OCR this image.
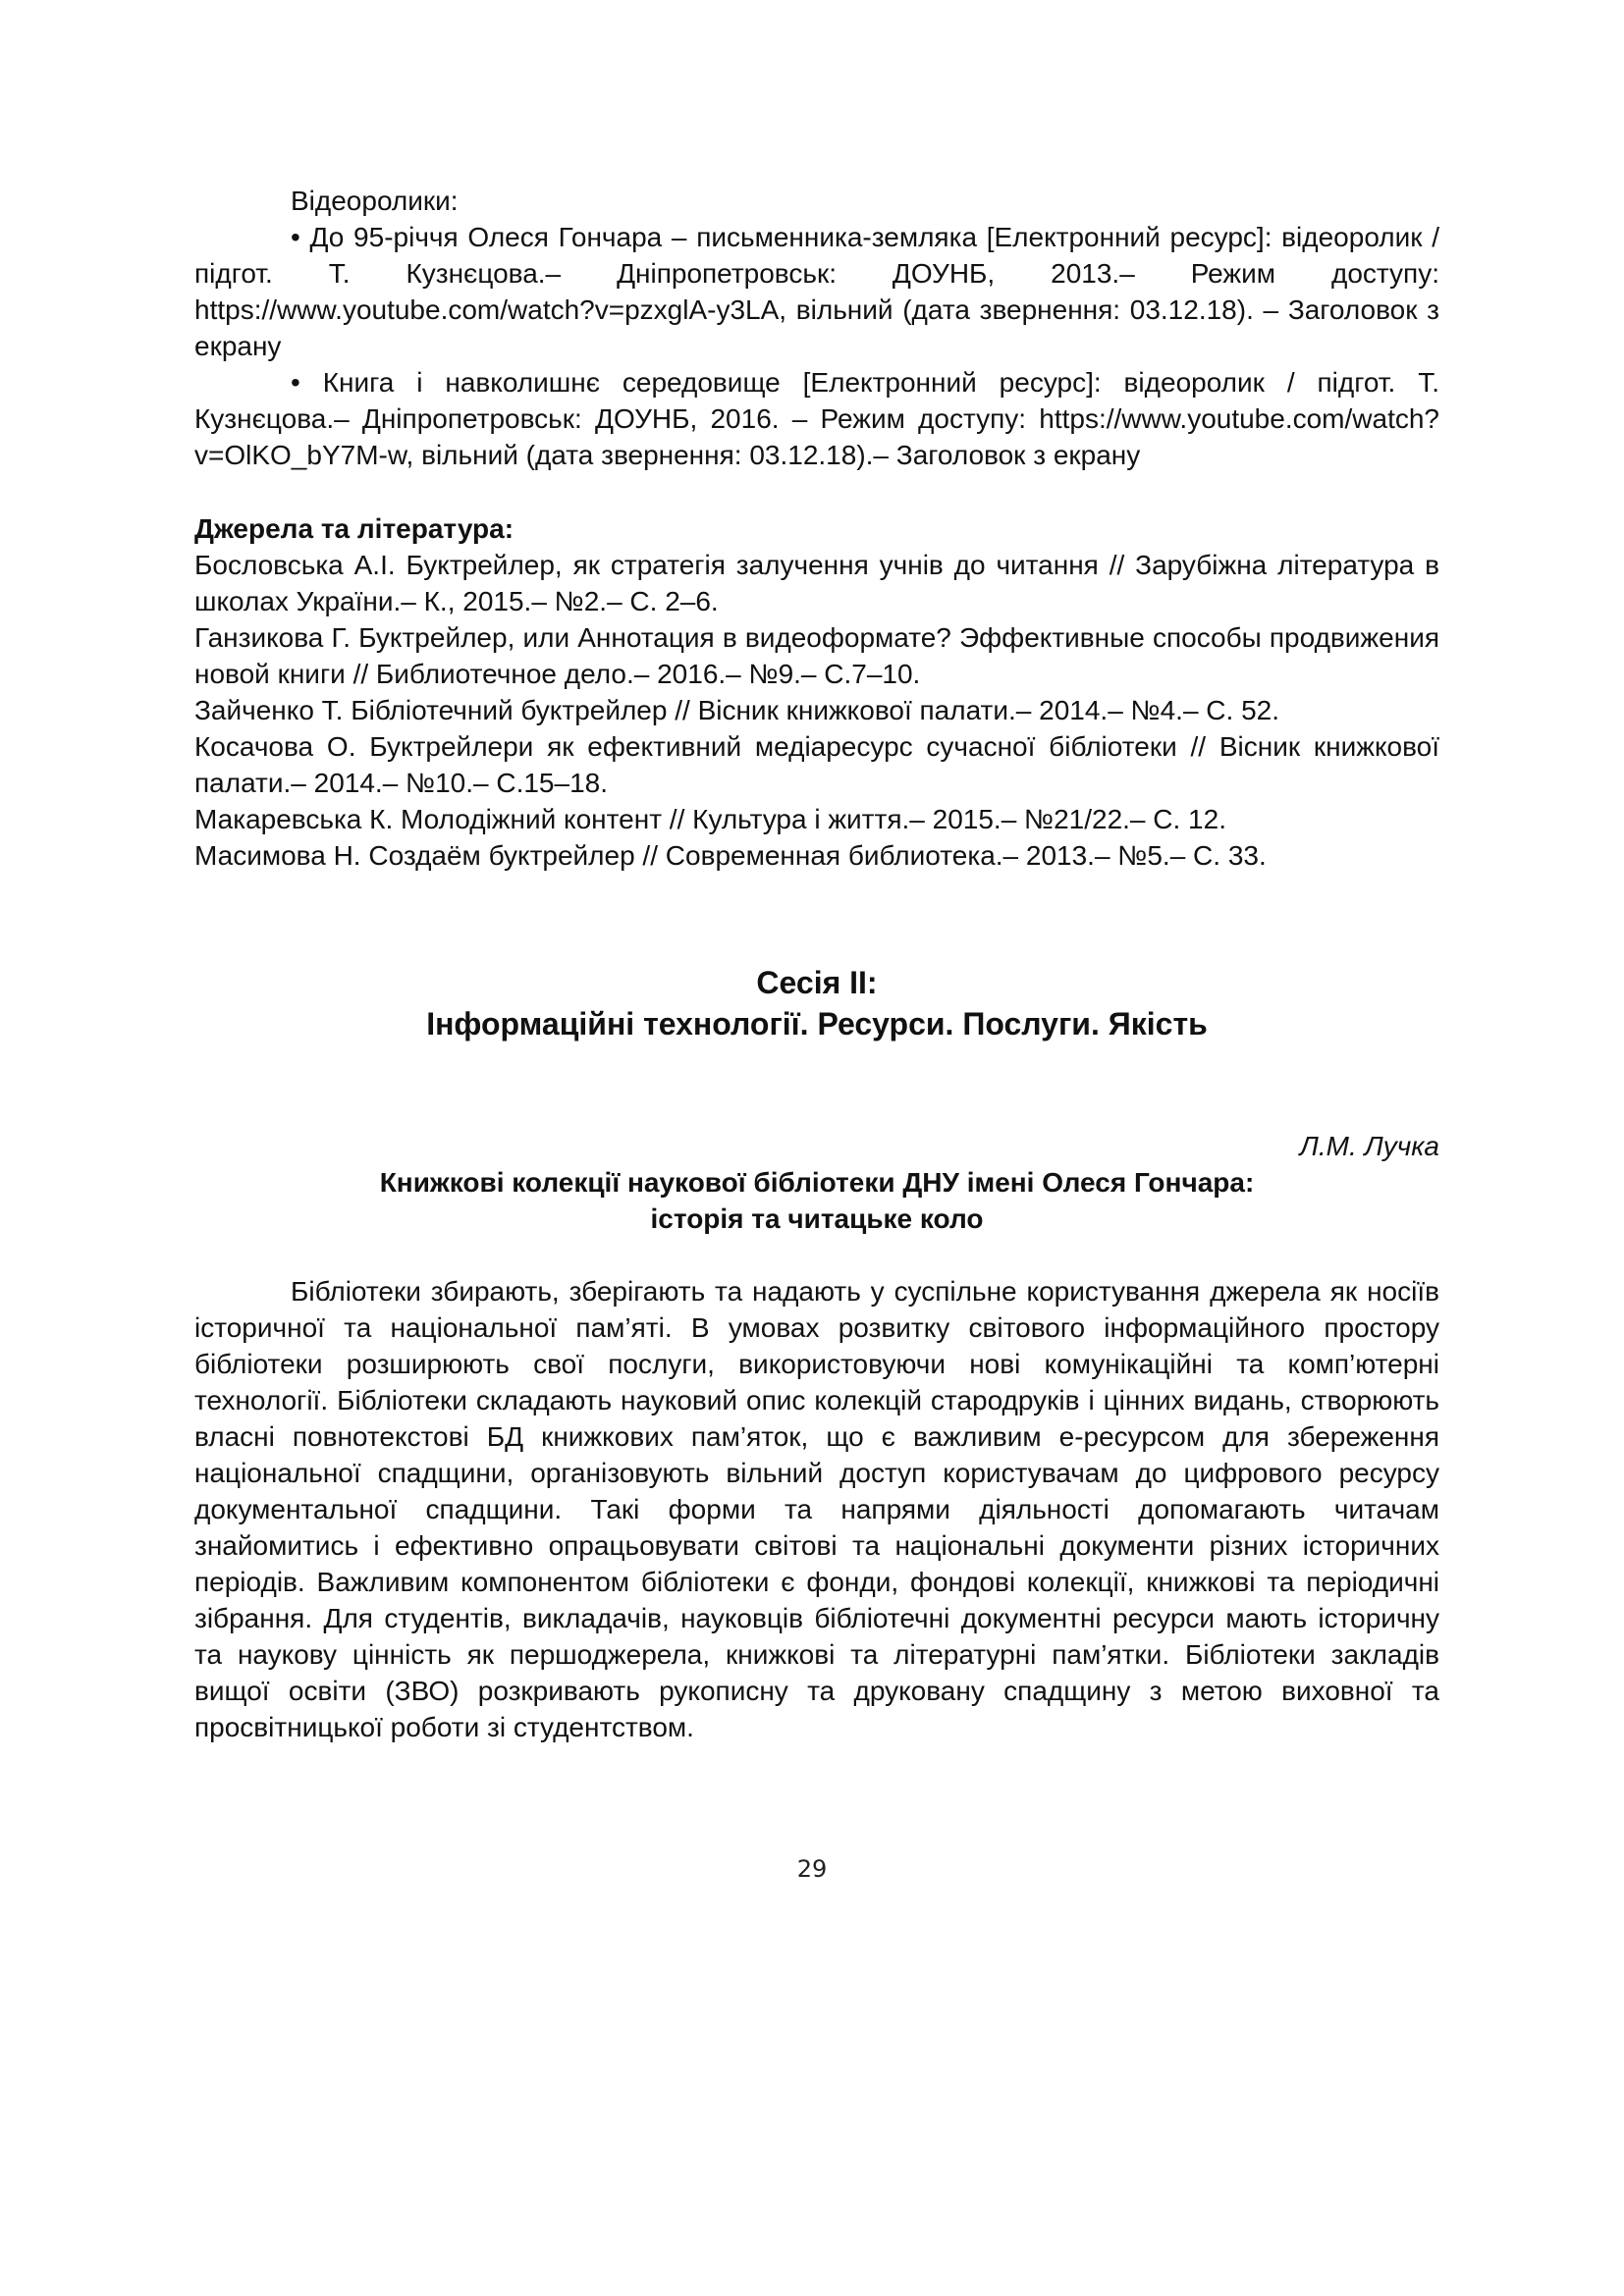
Відеоролики:

• До 95-річчя Олеся Гончара – письменника-земляка [Електронний ресурс]: відеоролик / підгот. Т. Кузнєцова.– Дніпропетровськ: ДОУНБ, 2013.– Режим доступу: https://www.youtube.com/watch?v=pzxglA-y3LA, вільний (дата звернення: 03.12.18). – Заголовок з екрану

• Книга і навколишнє середовище [Електронний ресурс]: відеоролик / підгот. Т. Кузнєцова.– Дніпропетровськ: ДОУНБ, 2016. – Режим доступу: https://www.youtube.com/watch?v=OlKO_bY7M-w, вільний (дата звернення: 03.12.18).– Заголовок з екрану

Джерела та література:

Бословська А.І. Буктрейлер, як стратегія залучення учнів до читання // Зарубіжна література в школах України.– К., 2015.– №2.– С. 2–6.

Ганзикова Г. Буктрейлер, или Аннотация в видеоформате? Эффективные способы продвижения новой книги // Библиотечное дело.– 2016.– №9.– С.7–10.

Зайченко Т. Бібліотечний буктрейлер // Вісник книжкової палати.– 2014.– №4.– С. 52.

Косачова О. Буктрейлери як ефективний медіаресурс сучасної бібліотеки // Вісник книжкової палати.– 2014.– №10.– С.15–18.

Макаревська К. Молодіжний контент // Культура і життя.– 2015.– №21/22.– С. 12.

Масимова Н. Создаём буктрейлер // Современная библиотека.– 2013.– №5.– С. 33.

Сесія II:
Інформаційні технології. Ресурси. Послуги. Якість
Л.М. Лучка
Книжкові колекції наукової бібліотеки ДНУ імені Олеся Гончара:
історія та читацьке коло

Бібліотеки збирають, зберігають та надають у суспільне користування джерела як носіїв історичної та національної пам’яті. В умовах розвитку світового інформаційного простору бібліотеки розширюють свої послуги, використовуючи нові комунікаційні та комп’ютерні технології. Бібліотеки складають науковий опис колекцій стародруків і цінних видань, створюють власні повнотекстові БД книжкових пам’яток, що є важливим е-ресурсом для збереження національної спадщини, організовують вільний доступ користувачам до цифрового ресурсу документальної спадщини. Такі форми та напрями діяльності допомагають читачам знайомитись і ефективно опрацьовувати світові та національні документи різних історичних періодів. Важливим компонентом бібліотеки є фонди, фондові колекції, книжкові та періодичні зібрання. Для студентів, викладачів, науковців бібліотечні документні ресурси мають історичну та наукову цінність як першоджерела, книжкові та літературні пам’ятки. Бібліотеки закладів вищої освіти (ЗВО) розкривають рукописну та друковану спадщину з метою виховної та просвітницької роботи зі студентством.

29
